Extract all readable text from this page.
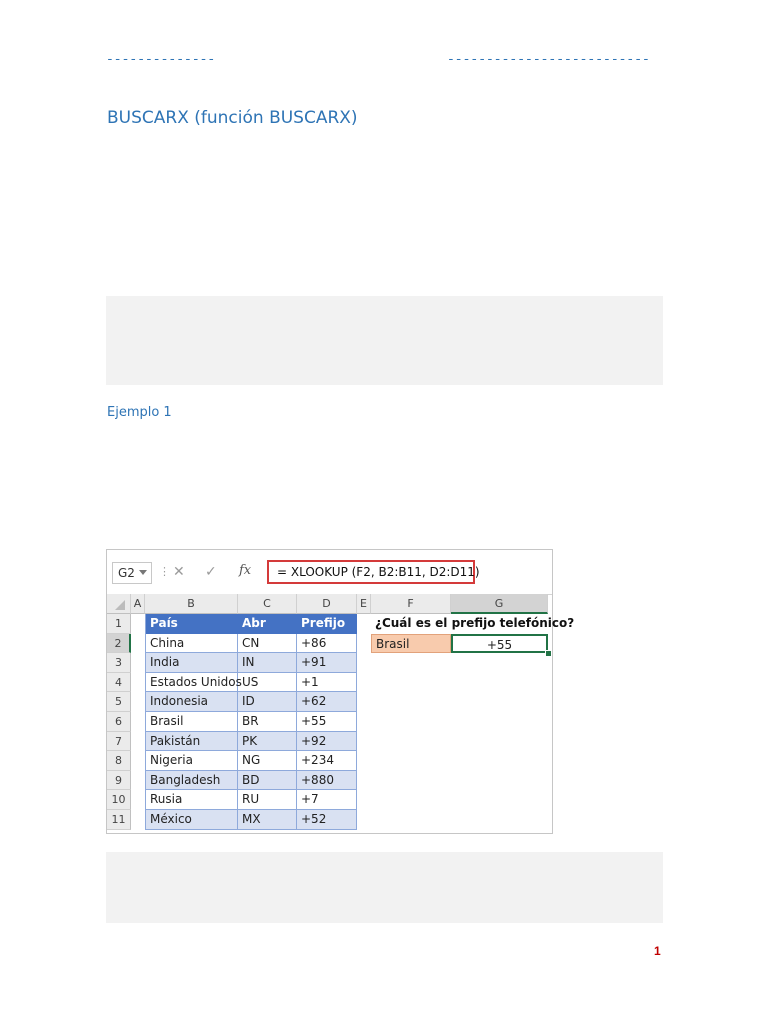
--------------	--------------------------
BUSCARX (función BUSCARX)
Ejemplo 1
G2	⋮ ✕ ✓ fx	= XLOOKUP (F2, B2:B11, D2:D11)
A	B	C	D	E	F	G
1
2
3
4
5
6
7
8
9
10
11
País	Abr	Prefijo
China	CN	+86
India	IN	+91
Estados Unidos US	+1
Indonesia	ID	+62
Brasil	BR	+55
Pakistán	PK	+92
Nigeria	NG	+234
Bangladesh	BD	+880
Rusia	RU	+7
México	MX	+52
¿Cuál es el prefijo telefónico?
Brasil	+55
1
